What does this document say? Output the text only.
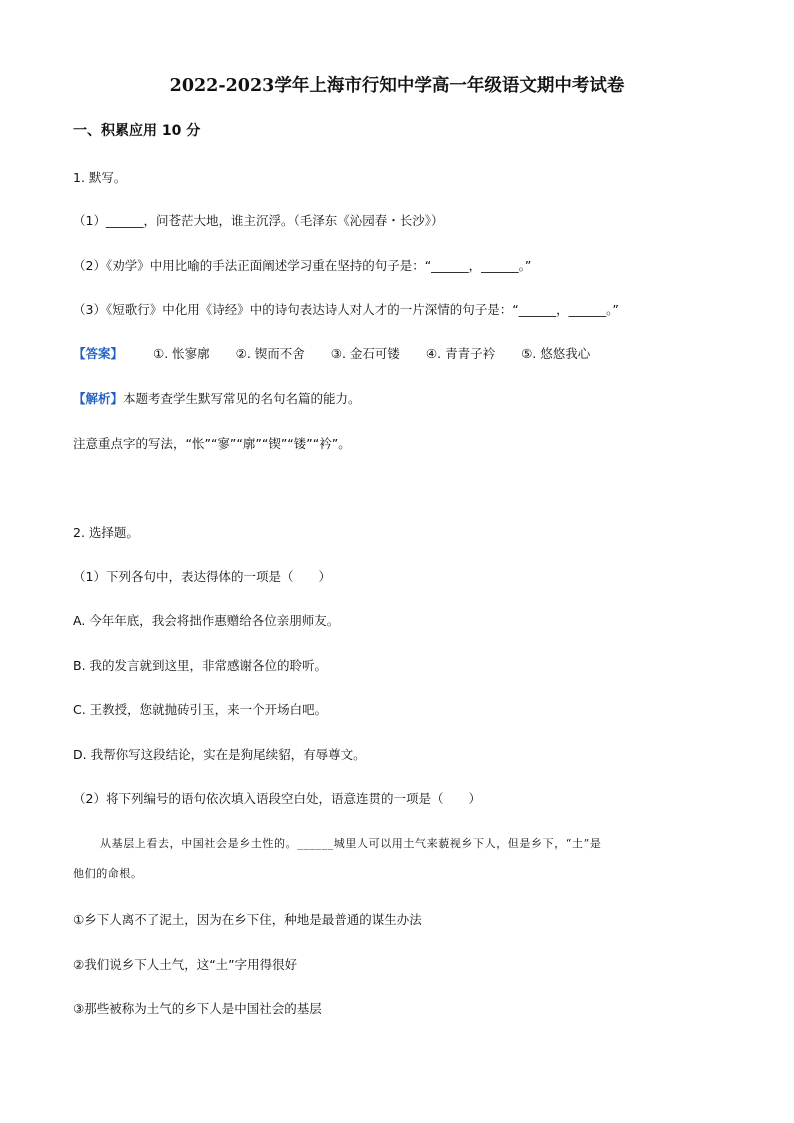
2022-2023学年上海市行知中学高一年级语文期中考试卷
一、积累应用 10 分
1. 默写。
（1）______，问苍茫大地，谁主沉浮。（毛泽东《沁园春・长沙》）
（2）《劝学》中用比喻的手法正面阐述学习重在坚持的句子是：“______，______。”
（3）《短歌行》中化用《诗经》中的诗句表达诗人对人才的一片深情的句子是：“______，______。”
【答案】 ①. 怅寥廓 ②. 锲而不舍 ③. 金石可镂 ④. 青青子衿 ⑤. 悠悠我心
【解析】本题考查学生默写常见的名句名篇的能力。
注意重点字的写法，“怅”“寥”“廓”“锲”“镂”“衿”。
2. 选择题。
（1）下列各句中，表达得体的一项是（　　）
A. 今年年底，我会将拙作惠赠给各位亲朋师友。
B. 我的发言就到这里，非常感谢各位的聆听。
C. 王教授，您就抛砖引玉，来一个开场白吧。
D. 我帮你写这段结论，实在是狗尾续貂，有辱尊文。
（2）将下列编号的语句依次填入语段空白处，语意连贯的一项是（　　）
从基层上看去，中国社会是乡土性的。______城里人可以用土气来藐视乡下人，但是乡下，“土”是
他们的命根。
①乡下人离不了泥土，因为在乡下住，种地是最普通的谋生办法
②我们说乡下人土气，这“土”字用得很好
③那些被称为土气的乡下人是中国社会的基层
